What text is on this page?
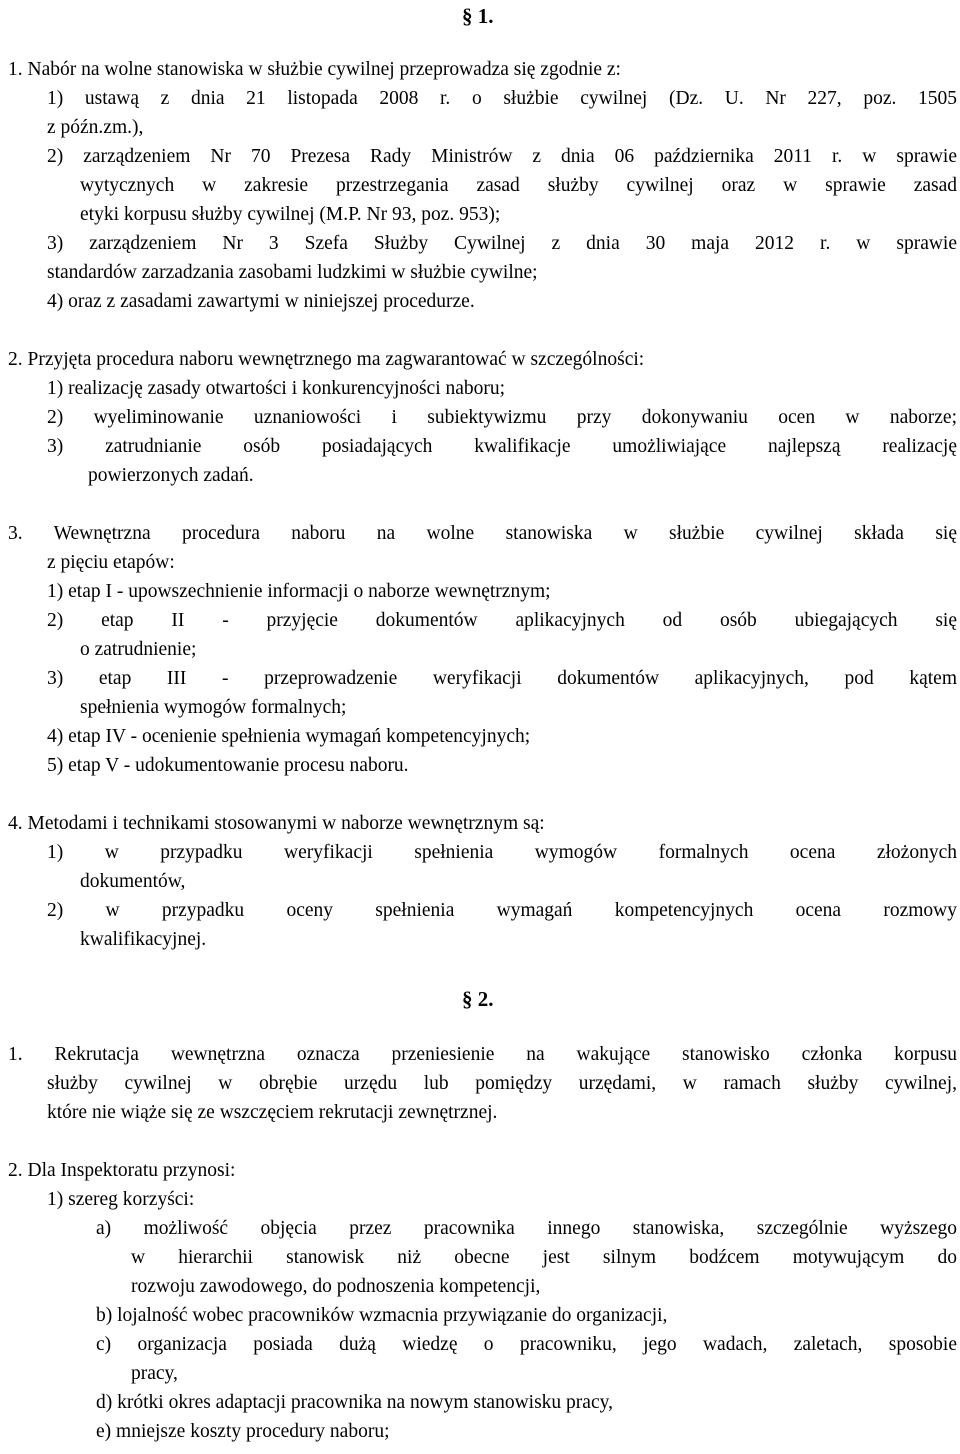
§ 1.
1. Nabór na wolne stanowiska w służbie cywilnej przeprowadza się zgodnie z:
1) ustawą z dnia 21 listopada 2008 r. o służbie cywilnej (Dz. U. Nr 227, poz. 1505
z późn.zm.),
2) zarządzeniem Nr 70 Prezesa Rady Ministrów z dnia 06 października 2011 r. w sprawie
wytycznych w zakresie przestrzegania zasad służby cywilnej oraz w sprawie zasad
etyki korpusu służby cywilnej (M.P. Nr 93, poz. 953);
3) zarządzeniem Nr 3 Szefa Służby Cywilnej z dnia 30 maja 2012 r. w sprawie
standardów zarzadzania zasobami ludzkimi w służbie cywilne;
4) oraz z zasadami zawartymi w niniejszej procedurze.
2. Przyjęta procedura naboru wewnętrznego ma zagwarantować w szczególności:
1) realizację zasady otwartości i konkurencyjności naboru;
2) wyeliminowanie uznaniowości i subiektywizmu przy dokonywaniu ocen w naborze;
3) zatrudnianie osób posiadających kwalifikacje umożliwiające najlepszą realizację
powierzonych zadań.
3. Wewnętrzna procedura naboru na wolne stanowiska w służbie cywilnej składa się
z pięciu etapów:
1) etap I - upowszechnienie informacji o naborze wewnętrznym;
2) etap II - przyjęcie dokumentów aplikacyjnych od osób ubiegających się
o zatrudnienie;
3) etap III - przeprowadzenie weryfikacji dokumentów aplikacyjnych, pod kątem
spełnienia wymogów formalnych;
4) etap IV - ocenienie spełnienia wymagań kompetencyjnych;
5) etap V - udokumentowanie procesu naboru.
4. Metodami i technikami stosowanymi w naborze wewnętrznym są:
1) w przypadku weryfikacji spełnienia wymogów formalnych ocena złożonych
dokumentów,
2) w przypadku oceny spełnienia wymagań kompetencyjnych ocena rozmowy
kwalifikacyjnej.
§ 2.
1. Rekrutacja wewnętrzna oznacza przeniesienie na wakujące stanowisko członka korpusu
służby cywilnej w obrębie urzędu lub pomiędzy urzędami, w ramach służby cywilnej,
które nie wiąże się ze wszczęciem rekrutacji zewnętrznej.
2. Dla Inspektoratu przynosi:
1) szereg korzyści:
a) możliwość objęcia przez pracownika innego stanowiska, szczególnie wyższego
w hierarchii stanowisk niż obecne jest silnym bodźcem motywującym do
rozwoju zawodowego, do podnoszenia kompetencji,
b) lojalność wobec pracowników wzmacnia przywiązanie do organizacji,
c) organizacja posiada dużą wiedzę o pracowniku, jego wadach, zaletach, sposobie
pracy,
d) krótki okres adaptacji pracownika na nowym stanowisku pracy,
e) mniejsze koszty procedury naboru;
